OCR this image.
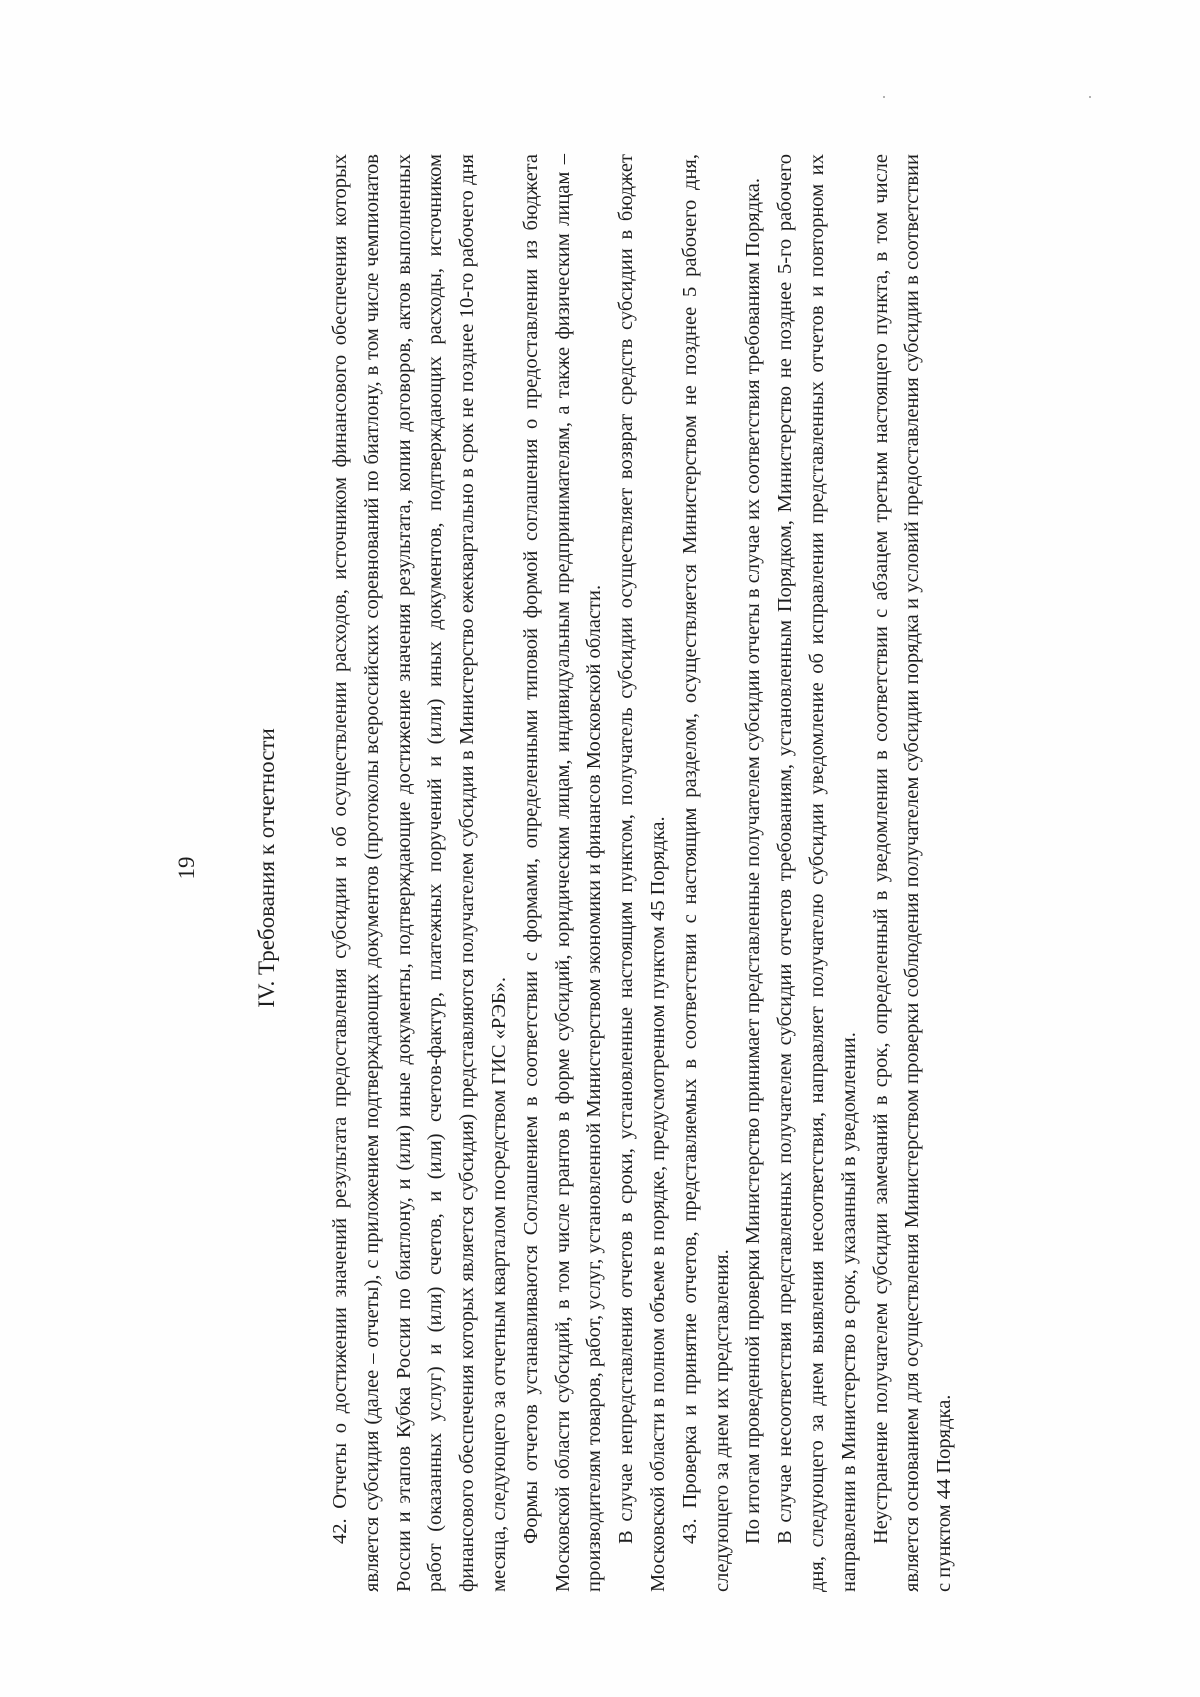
19 IV. Требования к отчетности 42. Отчеты о достижении значений результата предоставления субсидии и об осуществлении расходов, источником финансового обеспечения которых является субсидия (далее – отчеты), с приложением подтверждающих документов (протоколы всероссийских соревнований по биатлону, в том числе чемпионатов России и этапов Кубка России по биатлону, и (или) иные документы, подтверждающие достижение значения результата, копии договоров, актов выполненных работ (оказанных услуг) и (или) счетов, и (или) счетов-фактур, платежных поручений и (или) иных документов, подтверждающих расходы, источником финансового обеспечения которых является субсидия) представляются получателем субсидии в Министерство ежеквартально в срок не позднее 10-го рабочего дня месяца, следующего за отчетным кварталом посредством ГИС «РЭБ». Формы отчетов устанавливаются Соглашением в соответствии с формами, определенными типовой формой соглашения о предоставлении из бюджета Московской области субсидий, в том числе грантов в форме субсидий, юридическим лицам, индивидуальным предпринимателям, а также физическим лицам – производителям товаров, работ, услуг, установленной Министерством экономики и финансов Московской области. В случае непредставления отчетов в сроки, установленные настоящим пунктом, получатель субсидии осуществляет возврат средств субсидии в бюджет Московской области в полном объеме в порядке, предусмотренном пунктом 45 Порядка. 43. Проверка и принятие отчетов, представляемых в соответствии с настоящим разделом, осуществляется Министерством не позднее 5 рабочего дня, следующего за днем их представления. По итогам проведенной проверки Министерство принимает представленные получателем субсидии отчеты в случае их соответствия требованиям Порядка. В случае несоответствия представленных получателем субсидии отчетов требованиям, установленным Порядком, Министерство не позднее 5-го рабочего дня, следующего за днем выявления несоответствия, направляет получателю субсидии уведомление об исправлении представленных отчетов и повторном их направлении в Министерство в срок, указанный в уведомлении. Неустранение получателем субсидии замечаний в срок, определенный в уведомлении в соответствии с абзацем третьим настоящего пункта, в том числе является основанием для осуществления Министерством проверки соблюдения получателем субсидии порядка и условий предоставления субсидии в соответствии с пунктом 44 Порядка.
